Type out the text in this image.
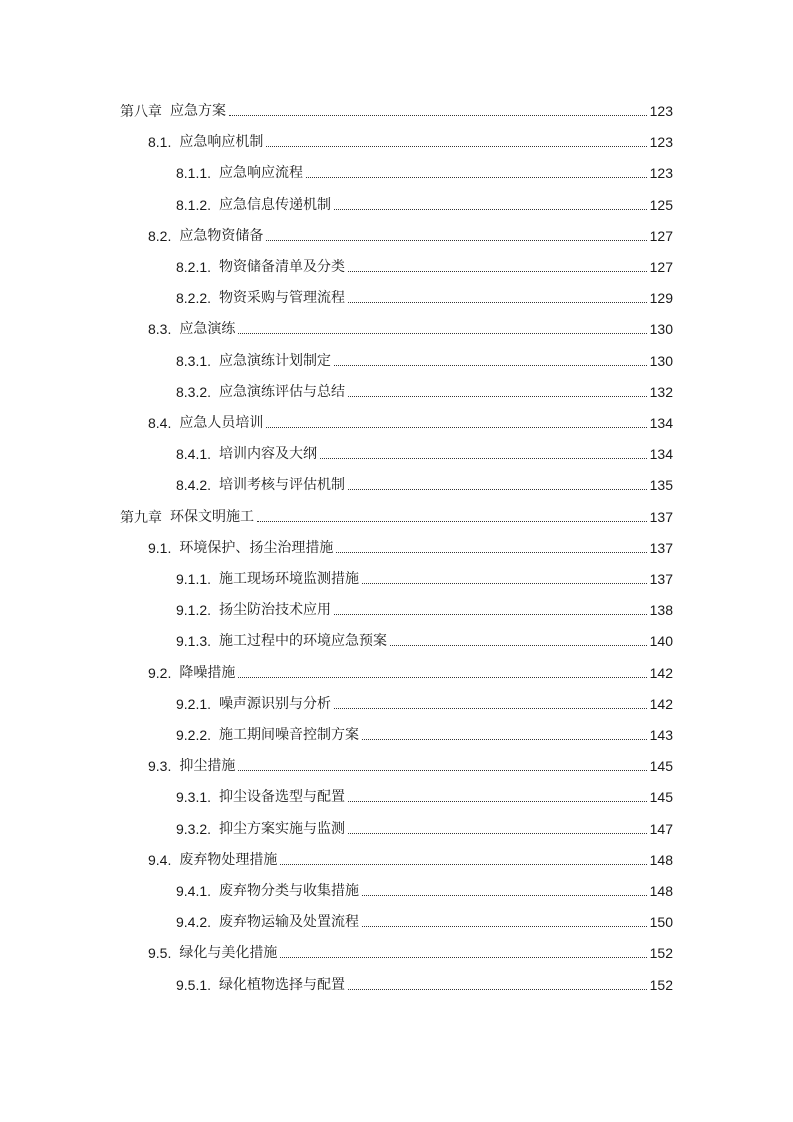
第八章 应急方案	123
8.1. 应急响应机制	123
8.1.1. 应急响应流程	123
8.1.2. 应急信息传递机制	125
8.2. 应急物资储备	127
8.2.1. 物资储备清单及分类	127
8.2.2. 物资采购与管理流程	129
8.3. 应急演练	130
8.3.1. 应急演练计划制定	130
8.3.2. 应急演练评估与总结	132
8.4. 应急人员培训	134
8.4.1. 培训内容及大纲	134
8.4.2. 培训考核与评估机制	135
第九章 环保文明施工	137
9.1. 环境保护、扬尘治理措施	137
9.1.1. 施工现场环境监测措施	137
9.1.2. 扬尘防治技术应用	138
9.1.3. 施工过程中的环境应急预案	140
9.2. 降噪措施	142
9.2.1. 噪声源识别与分析	142
9.2.2. 施工期间噪音控制方案	143
9.3. 抑尘措施	145
9.3.1. 抑尘设备选型与配置	145
9.3.2. 抑尘方案实施与监测	147
9.4. 废弃物处理措施	148
9.4.1. 废弃物分类与收集措施	148
9.4.2. 废弃物运输及处置流程	150
9.5. 绿化与美化措施	152
9.5.1. 绿化植物选择与配置	152
